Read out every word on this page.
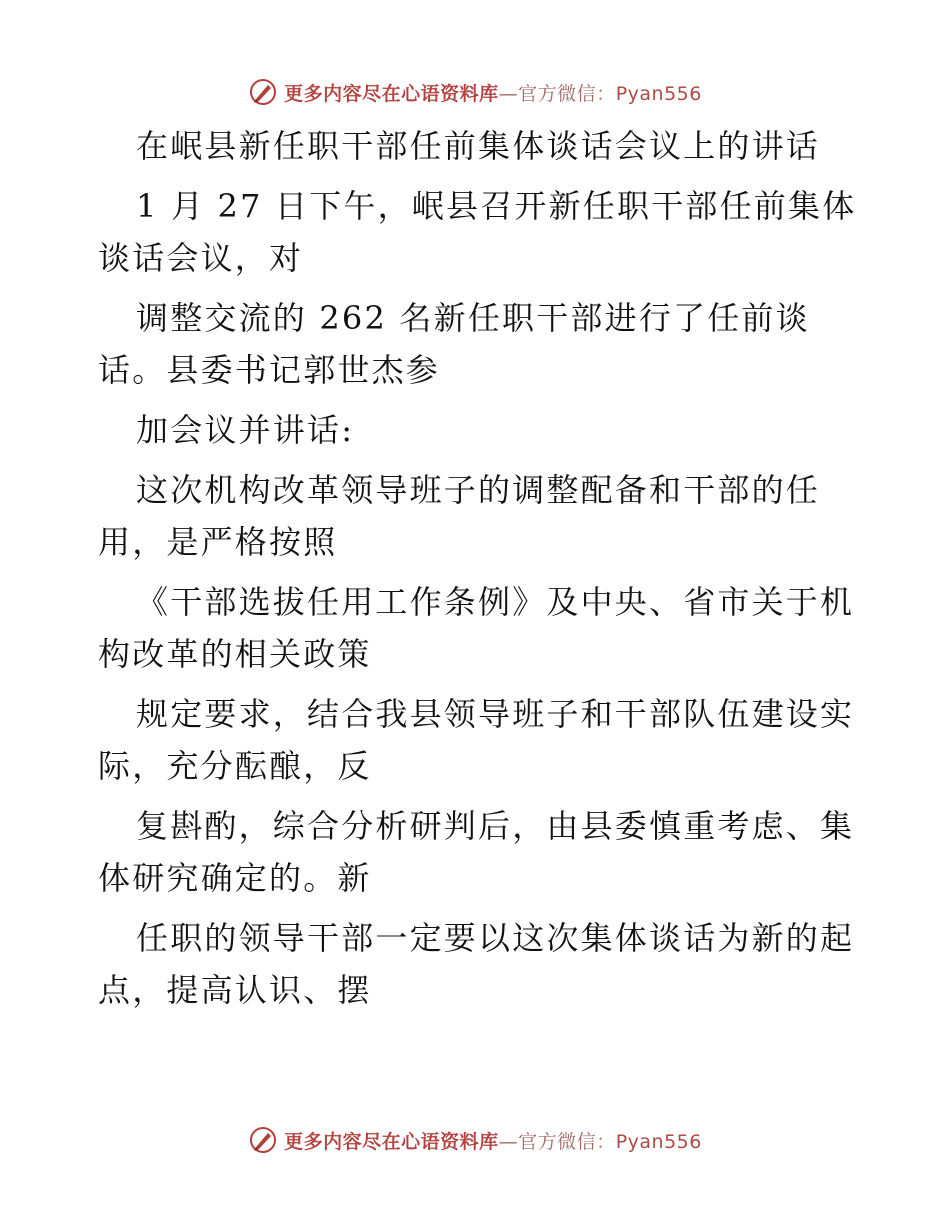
更多内容尽在心语资料库—官方微信：Pyan556
在岷县新任职干部任前集体谈话会议上的讲话
1 月 27 日下午，岷县召开新任职干部任前集体
谈话会议，对
调整交流的 262 名新任职干部进行了任前谈
话。县委书记郭世杰参
加会议并讲话:
这次机构改革领导班子的调整配备和干部的任
用，是严格按照
《干部选拔任用工作条例》及中央、省市关于机
构改革的相关政策
规定要求，结合我县领导班子和干部队伍建设实
际，充分酝酿，反
复斟酌，综合分析研判后，由县委慎重考虑、集
体研究确定的。新
任职的领导干部一定要以这次集体谈话为新的起
点，提高认识、摆
更多内容尽在心语资料库—官方微信：Pyan556
